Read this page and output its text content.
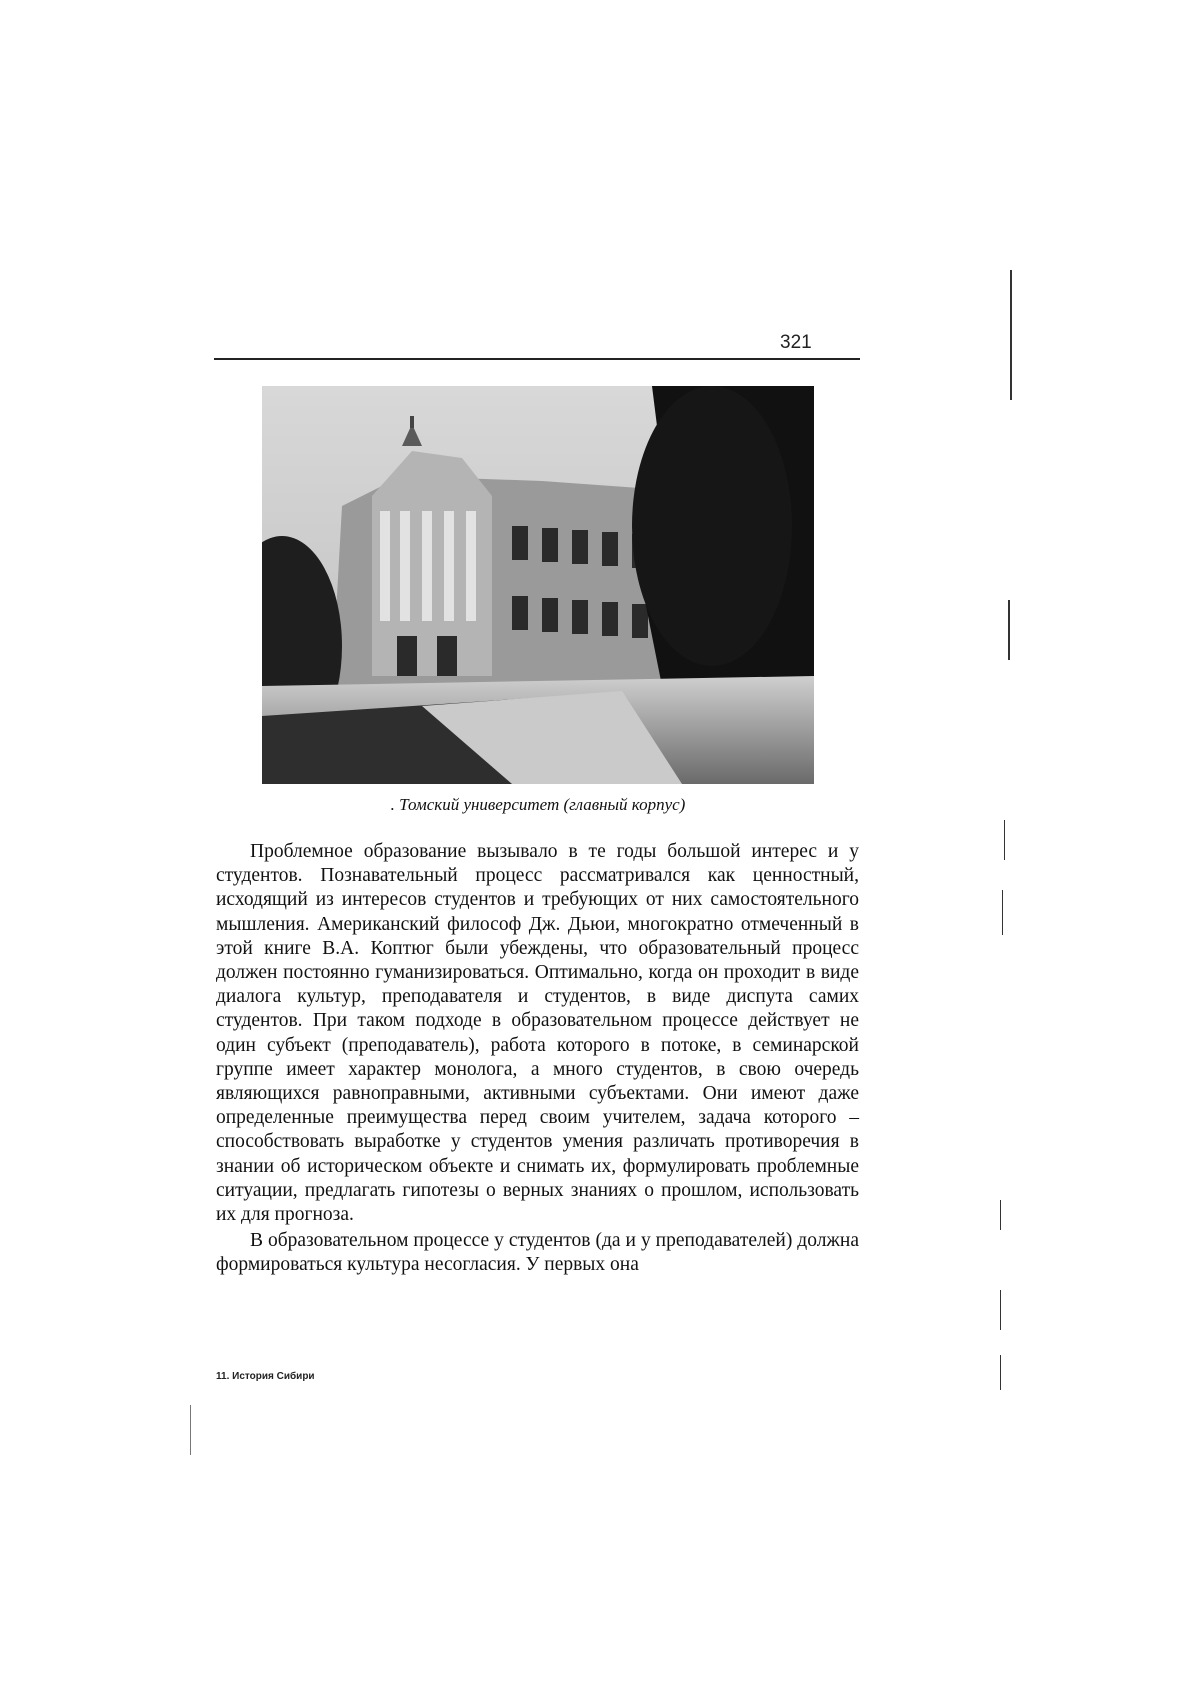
321
. Томский университет (главный корпус)

Проблемное образование вызывало в те годы большой интерес и у студентов. Познавательный процесс рассматривался как ценностный, исходящий из интересов студентов и требующих от них самостоятельного мышления. Американский философ Дж. Дьюи, многократно отмеченный в этой книге В.А. Коптюг были убеждены, что образовательный процесс должен постоянно гуманизироваться. Оптимально, когда он проходит в виде диалога культур, преподавателя и студентов, в виде диспута самих студентов. При таком подходе в образовательном процессе действует не один субъект (преподаватель), работа которого в потоке, в семинарской группе имеет характер монолога, а много студентов, в свою очередь являющихся равноправными, активными субъектами. Они имеют даже определенные преимущества перед своим учителем, задача которого – способствовать выработке у студентов умения различать противоречия в знании об историческом объекте и снимать их, формулировать проблемные ситуации, предлагать гипотезы о верных знаниях о прошлом, использовать их для прогноза.

В образовательном процессе у студентов (да и у преподавателей) должна формироваться культура несогласия. У первых она

11. История Сибири
